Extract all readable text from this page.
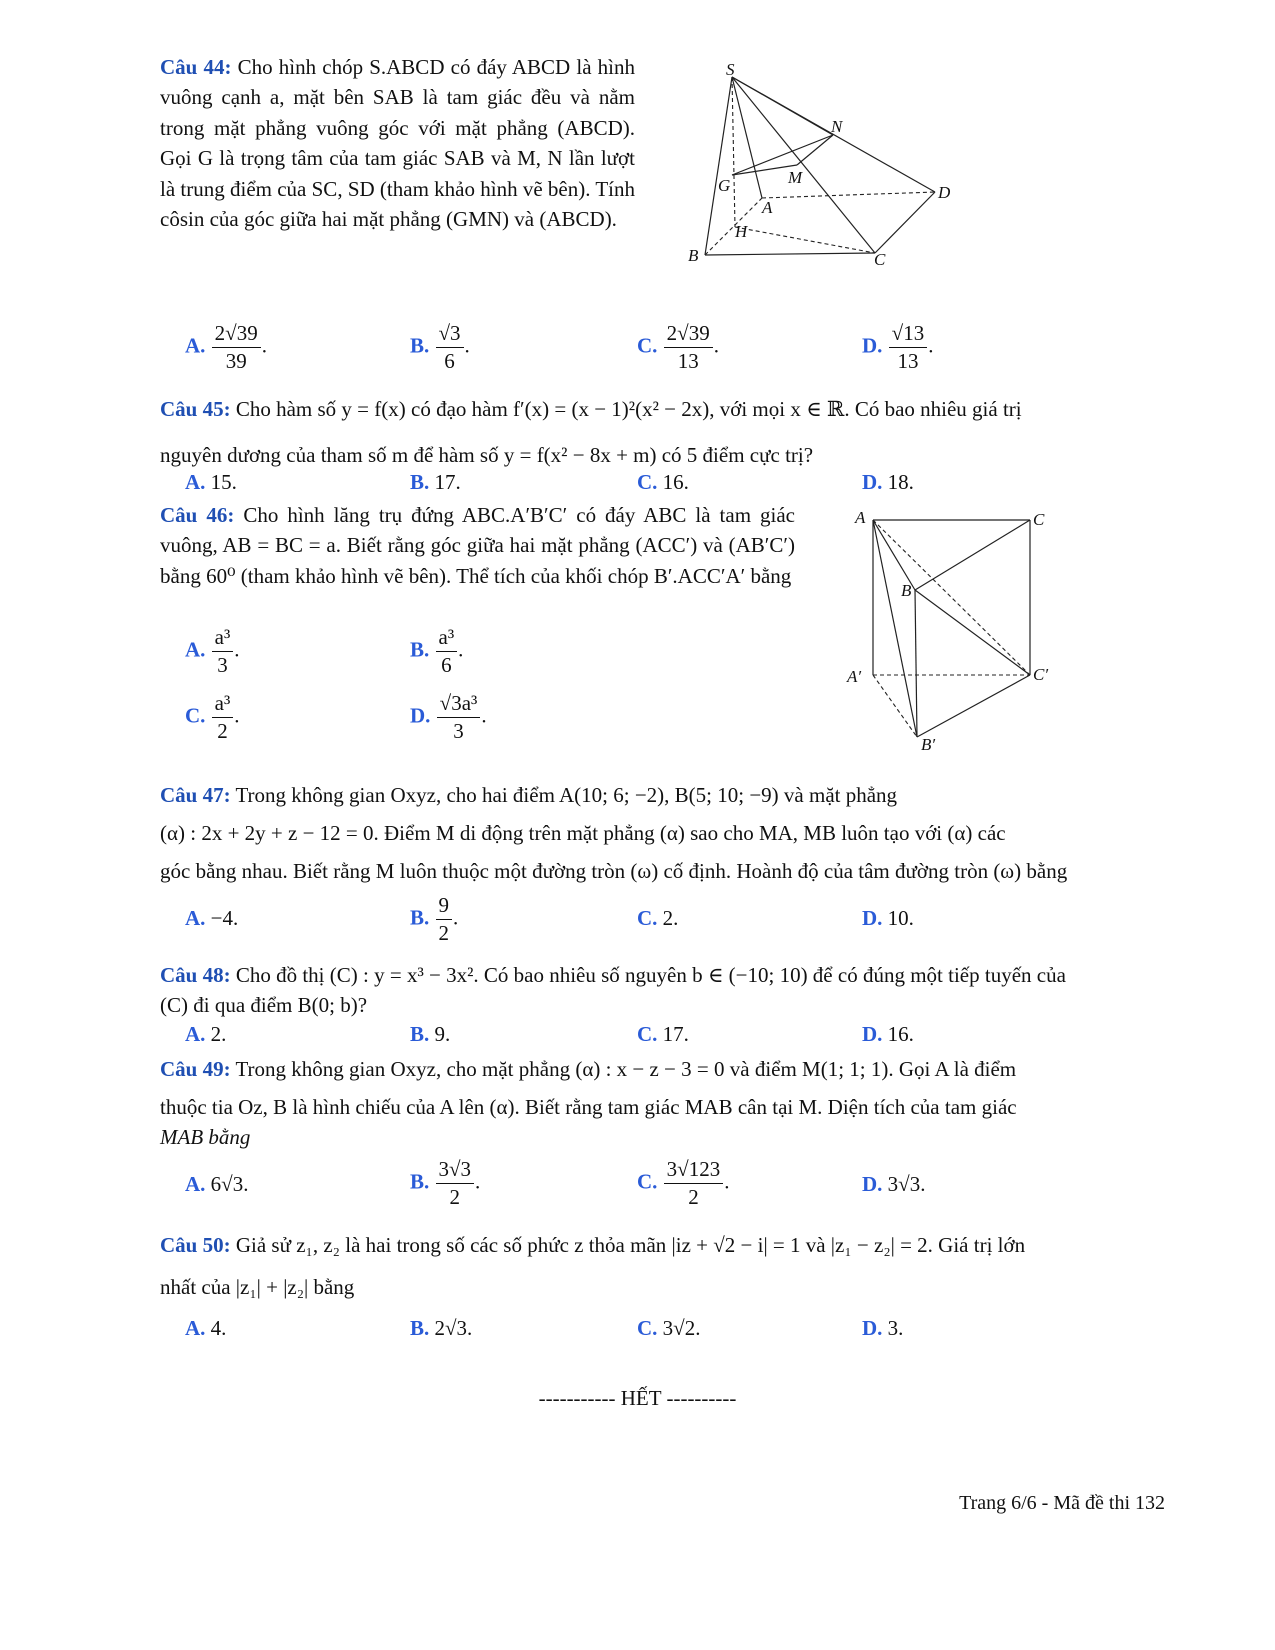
Câu 44: Cho hình chóp S.ABCD có đáy ABCD là hình vuông cạnh a, mặt bên SAB là tam giác đều và nằm trong mặt phẳng vuông góc với mặt phẳng (ABCD). Gọi G là trọng tâm của tam giác SAB và M, N lần lượt là trung điểm của SC, SD (tham khảo hình vẽ bên). Tính côsin của góc giữa hai mặt phẳng (GMN) và (ABCD).
S
N
G	M
A
D
H
B	C
A. $\frac{2√39}{39}$ .	B. $\frac{√3}{6}$ .	C. $\frac{2√39}{13}$ .	D. $\frac{√13}{13}$ .
Câu 45: Cho hàm số y = f(x) có đạo hàm f′(x) = (x − 1)²(x² − 2x), với mọi x ∈ ℝ. Có bao nhiêu giá trị
nguyên dương của tham số m để hàm số y = f(x² − 8x + m) có 5 điểm cực trị?
A. 15.	B. 17.	C. 16.	D. 18.
Câu 46: Cho hình lăng trụ đứng ABC.A′B′C′ có đáy ABC là tam giác vuông, AB = BC = a. Biết rằng góc giữa hai mặt phẳng (ACC′) và (AB′C′) bằng 60⁰ (tham khảo hình vẽ bên). Thể tích của khối chóp B′.ACC′A′ bằng
A	C
B
A′	C′
B′
A. $\frac{\text{a³}}{3}$ .	B. $\frac{\text{a³}}{6}$ .
C. $\frac{\text{a³}}{2}$ .	D. $\frac{\text{√3a³}}{3}$ .
Câu 47: Trong không gian Oxyz, cho hai điểm A(10; 6; −2), B(5; 10; −9) và mặt phẳng
(α) : 2x + 2y + z − 12 = 0. Điểm M di động trên mặt phẳng (α) sao cho MA, MB luôn tạo với (α) các
góc bằng nhau. Biết rằng M luôn thuộc một đường tròn (ω) cố định. Hoành độ của tâm đường tròn (ω) bằng
A. −4.	B. $\frac{9}{2}$ .	C. 2.	D. 10.
Câu 48: Cho đồ thị (C) : y = x³ − 3x². Có bao nhiêu số nguyên b ∈ (−10; 10) để có đúng một tiếp tuyến của
(C) đi qua điểm B(0; b)?
A. 2.	B. 9.	C. 17.	D. 16.
Câu 49: Trong không gian Oxyz, cho mặt phẳng (α) : x − z − 3 = 0 và điểm M(1; 1; 1). Gọi A là điểm
thuộc tia Oz, B là hình chiếu của A lên (α). Biết rằng tam giác MAB cân tại M. Diện tích của tam giác
MAB bằng
A. 6√3.	B. $\frac{3√3}{2}$ .	C. $\frac{3√123}{2}$ .	D. 3√3.
Câu 50: Giả sử z₁, z₂ là hai trong số các số phức z thỏa mãn |iz + √2 − i| = 1 và |z₁ − z₂| = 2. Giá trị lớn
nhất của |z₁| + |z₂| bằng
A. 4.	B. 2√3.	C. 3√2.	D. 3.
----------- HẾT ----------
Trang 6/6 - Mã đề thi 132
